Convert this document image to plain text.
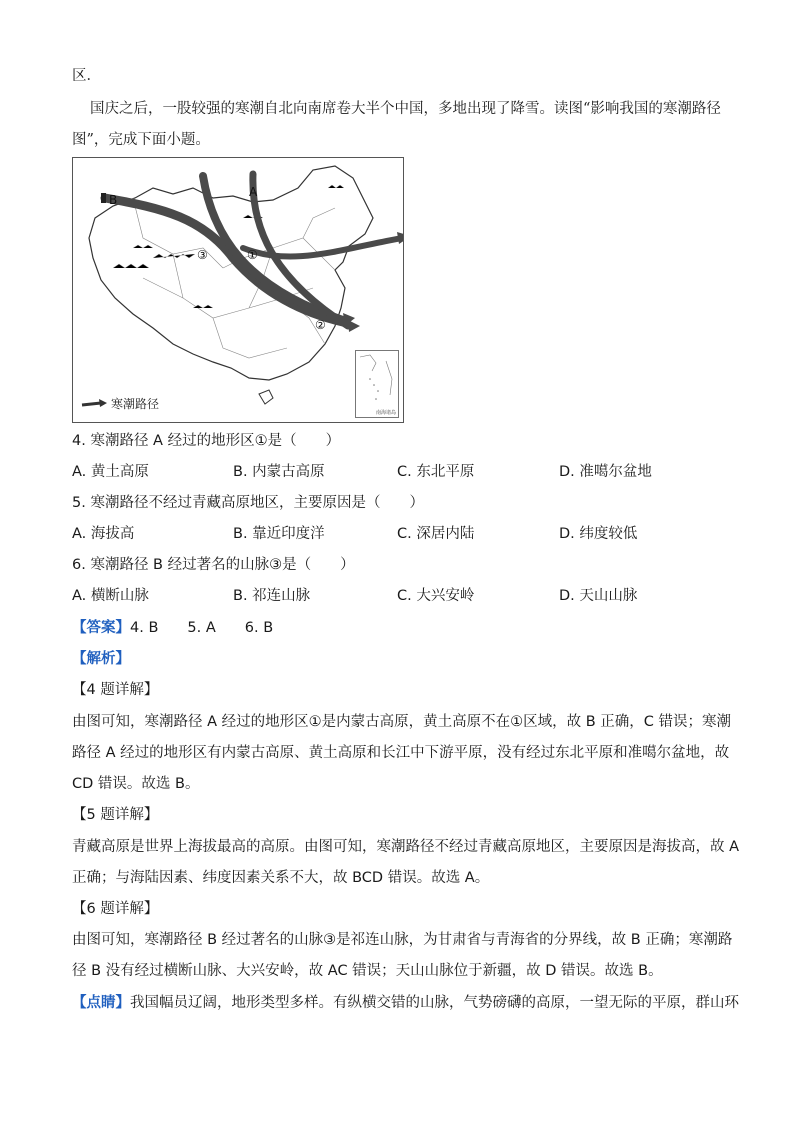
区．
国庆之后，一股较强的寒潮自北向南席卷大半个中国，多地出现了降雪。读图“影响我国的寒潮路径
图”，完成下面小题。
B
A
③	①
②
南海诸岛
寒潮路径
4. 寒潮路径 A 经过的地形区①是（　　）
A. 黄土高原	B. 内蒙古高原	C. 东北平原	D. 准噶尔盆地
5. 寒潮路径不经过青藏高原地区，主要原因是（　　）
A. 海拔高	B. 靠近印度洋	C. 深居内陆	D. 纬度较低
6. 寒潮路径 B 经过著名的山脉③是（　　）
A. 横断山脉	B. 祁连山脉	C. 大兴安岭	D. 天山山脉
【答案】4. B　　5. A　　6. B
【解析】
【4 题详解】
由图可知，寒潮路径 A 经过的地形区①是内蒙古高原，黄土高原不在①区域，故 B 正确，C 错误；寒潮
路径 A 经过的地形区有内蒙古高原、黄土高原和长江中下游平原，没有经过东北平原和准噶尔盆地，故
CD 错误。故选 B。
【5 题详解】
青藏高原是世界上海拔最高的高原。由图可知，寒潮路径不经过青藏高原地区，主要原因是海拔高，故 A
正确；与海陆因素、纬度因素关系不大，故 BCD 错误。故选 A。
【6 题详解】
由图可知，寒潮路径 B 经过著名的山脉③是祁连山脉，为甘肃省与青海省的分界线，故 B 正确；寒潮路
径 B 没有经过横断山脉、大兴安岭，故 AC 错误；天山山脉位于新疆，故 D 错误。故选 B。
【点睛】我国幅员辽阔，地形类型多样。有纵横交错的山脉，气势磅礴的高原，一望无际的平原，群山环
